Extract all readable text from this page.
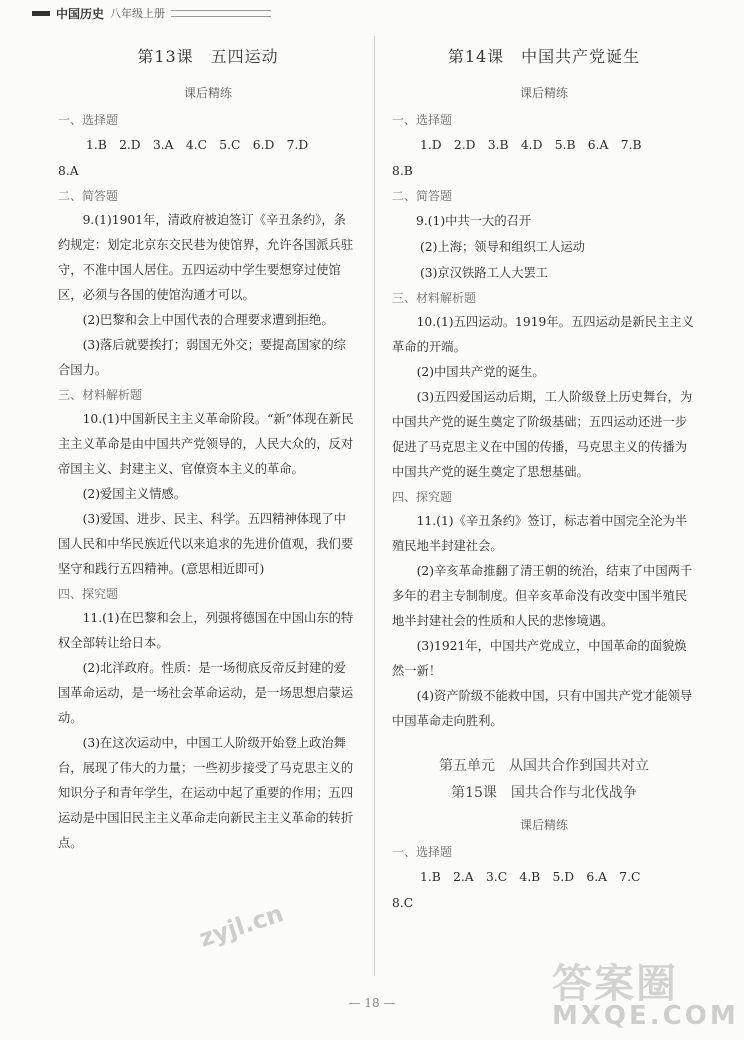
中国历史 八年级上册
第13课　五四运动
课后精练
一、选择题
1.B　2.D　3.A　4.C　5.C　6.D　7.D
8.A
二、简答题

9.(1)1901年，清政府被迫签订《辛丑条约》，条约规定：划定北京东交民巷为使馆界，允许各国派兵驻守，不准中国人居住。五四运动中学生要想穿过使馆区，必须与各国的使馆沟通才可以。

(2)巴黎和会上中国代表的合理要求遭到拒绝。

(3)落后就要挨打；弱国无外交；要提高国家的综合国力。

三、材料解析题

10.(1)中国新民主主义革命阶段。“新”体现在新民主主义革命是由中国共产党领导的，人民大众的，反对帝国主义、封建主义、官僚资本主义的革命。

(2)爱国主义情感。

(3)爱国、进步、民主、科学。五四精神体现了中国人民和中华民族近代以来追求的先进价值观，我们要坚守和践行五四精神。(意思相近即可)

四、探究题

11.(1)在巴黎和会上，列强将德国在中国山东的特权全部转让给日本。

(2)北洋政府。性质：是一场彻底反帝反封建的爱国革命运动，是一场社会革命运动，是一场思想启蒙运动。

(3)在这次运动中，中国工人阶级开始登上政治舞台，展现了伟大的力量；一些初步接受了马克思主义的知识分子和青年学生，在运动中起了重要的作用；五四运动是中国旧民主主义革命走向新民主主义革命的转折点。

第14课　中国共产党诞生
课后精练
一、选择题
1.D　2.D　3.B　4.D　5.B　6.A　7.B
8.B
二、简答题
9.(1)中共一大的召开
(2)上海；领导和组织工人运动
(3)京汉铁路工人大罢工
三、材料解析题

10.(1)五四运动。1919年。五四运动是新民主主义革命的开端。

(2)中国共产党的诞生。

(3)五四爱国运动后期，工人阶级登上历史舞台，为中国共产党的诞生奠定了阶级基础；五四运动还进一步促进了马克思主义在中国的传播，马克思主义的传播为中国共产党的诞生奠定了思想基础。

四、探究题

11.(1)《辛丑条约》签订，标志着中国完全沦为半殖民地半封建社会。

(2)辛亥革命推翻了清王朝的统治，结束了中国两千多年的君主专制制度。但辛亥革命没有改变中国半殖民地半封建社会的性质和人民的悲惨境遇。

(3)1921年，中国共产党成立，中国革命的面貌焕然一新！

(4)资产阶级不能救中国，只有中国共产党才能领导中国革命走向胜利。

第五单元　从国共合作到国共对立
第15课　国共合作与北伐战争
课后精练
一、选择题
1.B　2.A　3.C　4.B　5.D　6.A　7.C
8.C
zyjl.cn
答案圈
MXQE.COM
— 18 —
